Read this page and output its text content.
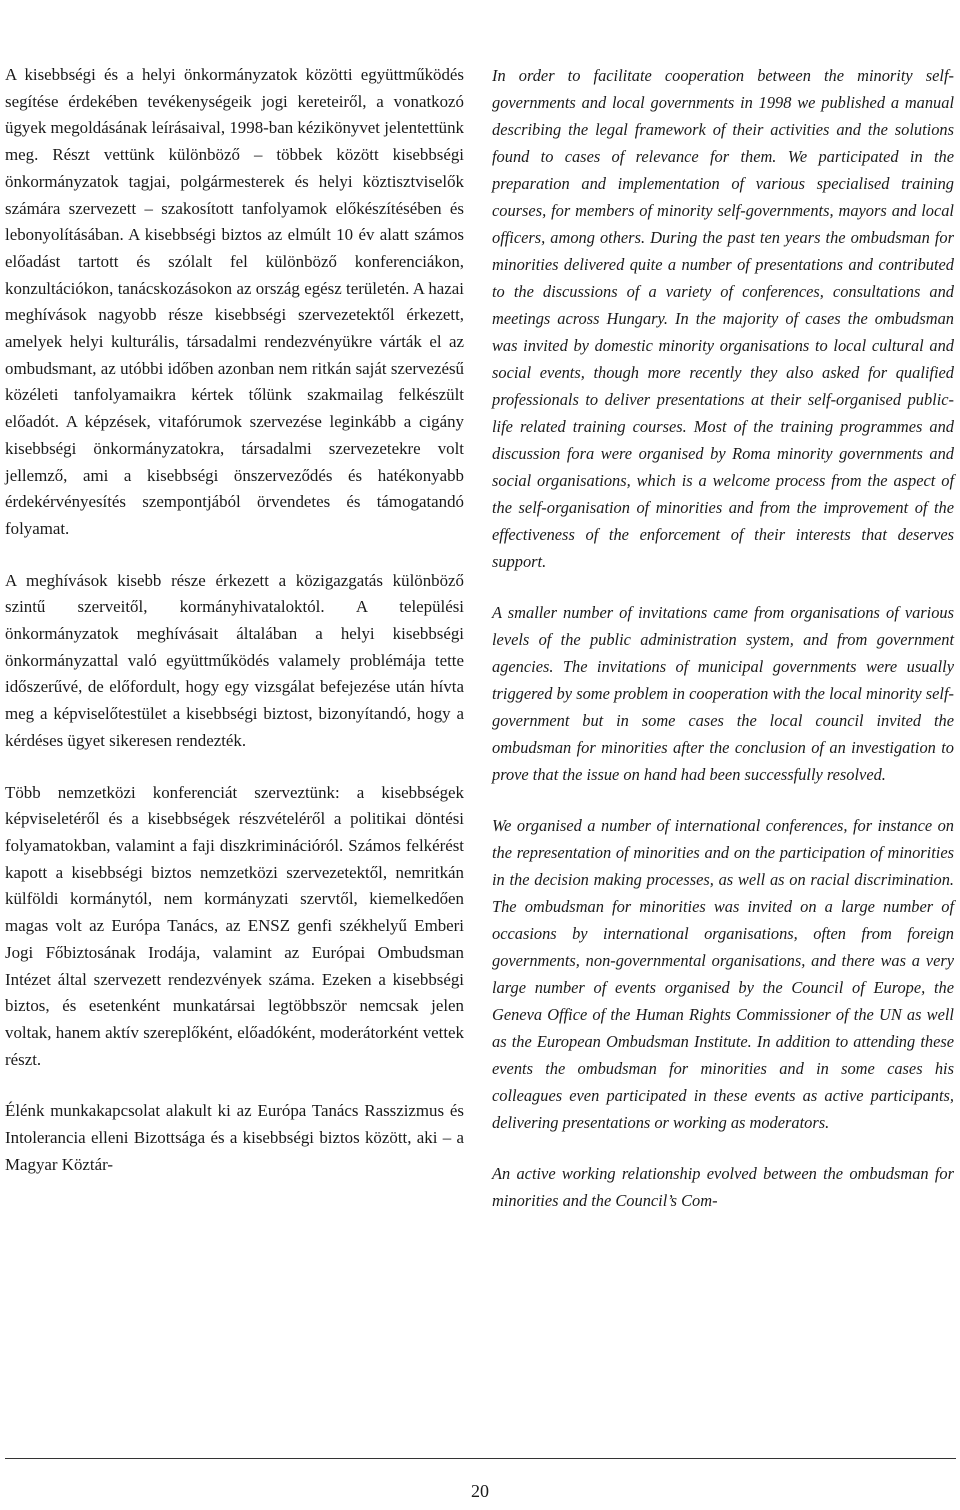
A kisebbségi és a helyi önkormányzatok közötti együttműködés segítése érdekében tevékenységeik jogi kereteiről, a vonatkozó ügyek megoldásának leírásaival, 1998-ban kézikönyvet jelentettünk meg. Részt vettünk különböző – többek között kisebbségi önkormányzatok tagjai, polgármesterek és helyi köztisztviselők számára szervezett – szakosított tanfolyamok előkészítésében és lebonyolításában. A kisebbségi biztos az elmúlt 10 év alatt számos előadást tartott és szólalt fel különböző konferenciákon, konzultációkon, tanácskozásokon az ország egész területén. A hazai meghívások nagyobb része kisebbségi szervezetektől érkezett, amelyek helyi kulturális, társadalmi rendezvényükre várták el az ombudsmant, az utóbbi időben azonban nem ritkán saját szervezésű közéleti tanfolyamaikra kértek tőlünk szakmailag felkészült előadót. A képzések, vitafórumok szervezése leginkább a cigány kisebbségi önkormányzatokra, társadalmi szervezetekre volt jellemző, ami a kisebbségi önszerveződés és hatékonyabb érdekérvényesítés szempontjából örvendetes és támogatandó folyamat.

A meghívások kisebb része érkezett a közigazgatás különböző szintű szerveitől, kormányhivataloktól. A települési önkormányzatok meghívásait általában a helyi kisebbségi önkormányzattal való együttműködés valamely problémája tette időszerűvé, de előfordult, hogy egy vizsgálat befejezése után hívta meg a képviselőtestület a kisebbségi biztost, bizonyítandó, hogy a kérdéses ügyet sikeresen rendezték.

Több nemzetközi konferenciát szerveztünk: a kisebbségek képviseletéről és a kisebbségek részvételéről a politikai döntési folyamatokban, valamint a faji diszkriminációról. Számos felkérést kapott a kisebbségi biztos nemzetközi szervezetektől, nemritkán külföldi kormánytól, nem kormányzati szervtől, kiemelkedően magas volt az Európa Tanács, az ENSZ genfi székhelyű Emberi Jogi Főbiztosának Irodája, valamint az Európai Ombudsman Intézet által szervezett rendezvények száma. Ezeken a kisebbségi biztos, és esetenként munkatársai legtöbbször nemcsak jelen voltak, hanem aktív szereplőként, előadóként, moderátorként vettek részt.

Élénk munkakapcsolat alakult ki az Európa Tanács Rasszizmus és Intolerancia elleni Bizottsága és a kisebbségi biztos között, aki – a Magyar Köztár-

In order to facilitate cooperation between the minority self-governments and local governments in 1998 we published a manual describing the legal framework of their activities and the solutions found to cases of relevance for them. We participated in the preparation and implementation of various specialised training courses, for members of minority self-governments, mayors and local officers, among others. During the past ten years the ombudsman for minorities delivered quite a number of presentations and contributed to the discussions of a variety of conferences, consultations and meetings across Hungary. In the majority of cases the ombudsman was invited by domestic minority organisations to local cultural and social events, though more recently they also asked for qualified professionals to deliver presentations at their self-organised public-life related training courses. Most of the training programmes and discussion fora were organised by Roma minority governments and social organisations, which is a welcome process from the aspect of the self-organisation of minorities and from the improvement of the effectiveness of the enforcement of their interests that deserves support.

A smaller number of invitations came from organisations of various levels of the public administration system, and from government agencies. The invitations of municipal governments were usually triggered by some problem in cooperation with the local minority self-government but in some cases the local council invited the ombudsman for minorities after the conclusion of an investigation to prove that the issue on hand had been successfully resolved.

We organised a number of international conferences, for instance on the representation of minorities and on the participation of minorities in the decision making processes, as well as on racial discrimination. The ombudsman for minorities was invited on a large number of occasions by international organisations, often from foreign governments, non-governmental organisations, and there was a very large number of events organised by the Council of Europe, the Geneva Office of the Human Rights Commissioner of the UN as well as the European Ombudsman Institute. In addition to attending these events the ombudsman for minorities and in some cases his colleagues even participated in these events as active participants, delivering presentations or working as moderators.

An active working relationship evolved between the ombudsman for minorities and the Council’s Com-

20
